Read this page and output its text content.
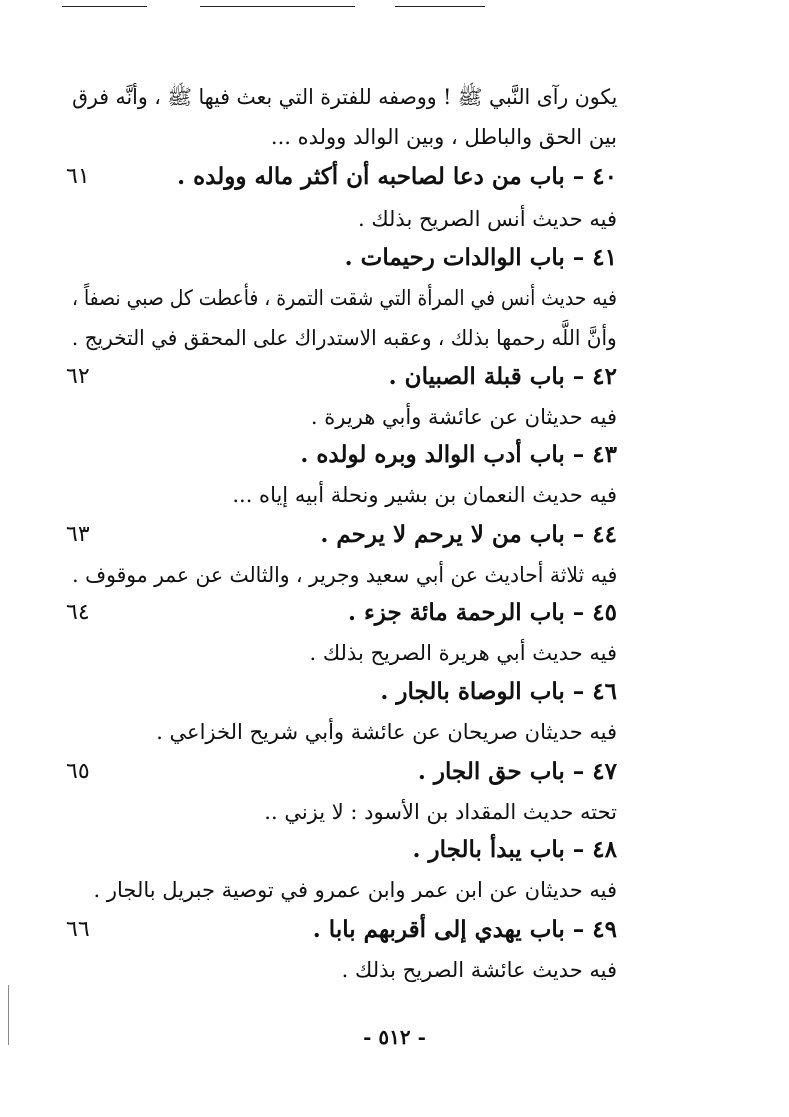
يكون رآى النَّبي ﷺ ! ووصفه للفترة التي بعث فيها ﷺ ، وأنَّه فرق
بين الحق والباطل ، وبين الوالد وولده ...
٦١	٤٠ – باب من دعا لصاحبه أن أكثر ماله وولده .
فيه حديث أنس الصريح بذلك .
٤١ – باب الوالدات رحيمات .
فيه حديث أنس في المرأة التي شقت التمرة ، فأعطت كل صبي نصفاً ،
وأنَّ اللَّه رحمها بذلك ، وعقبه الاستدراك على المحقق في التخريج .
٦٢	٤٢ – باب قبلة الصبيان .
فيه حديثان عن عائشة وأبي هريرة .
٤٣ – باب أدب الوالد وبره لولده .
فيه حديث النعمان بن بشير ونحلة أبيه إياه ...
٦٣	٤٤ – باب من لا يرحم لا يرحم .
فيه ثلاثة أحاديث عن أبي سعيد وجرير ، والثالث عن عمر موقوف .
٦٤	٤٥ – باب الرحمة مائة جزء .
فيه حديث أبي هريرة الصريح بذلك .
٤٦ – باب الوصاة بالجار .
فيه حديثان صريحان عن عائشة وأبي شريح الخزاعي .
٦٥	٤٧ – باب حق الجار .
تحته حديث المقداد بن الأسود : لا يزني ..
٤٨ – باب يبدأ بالجار .
فيه حديثان عن ابن عمر وابن عمرو في توصية جبريل بالجار .
٦٦	٤٩ – باب يهدي إلى أقربهم بابا .
فيه حديث عائشة الصريح بذلك .
- ٥١٢ -
